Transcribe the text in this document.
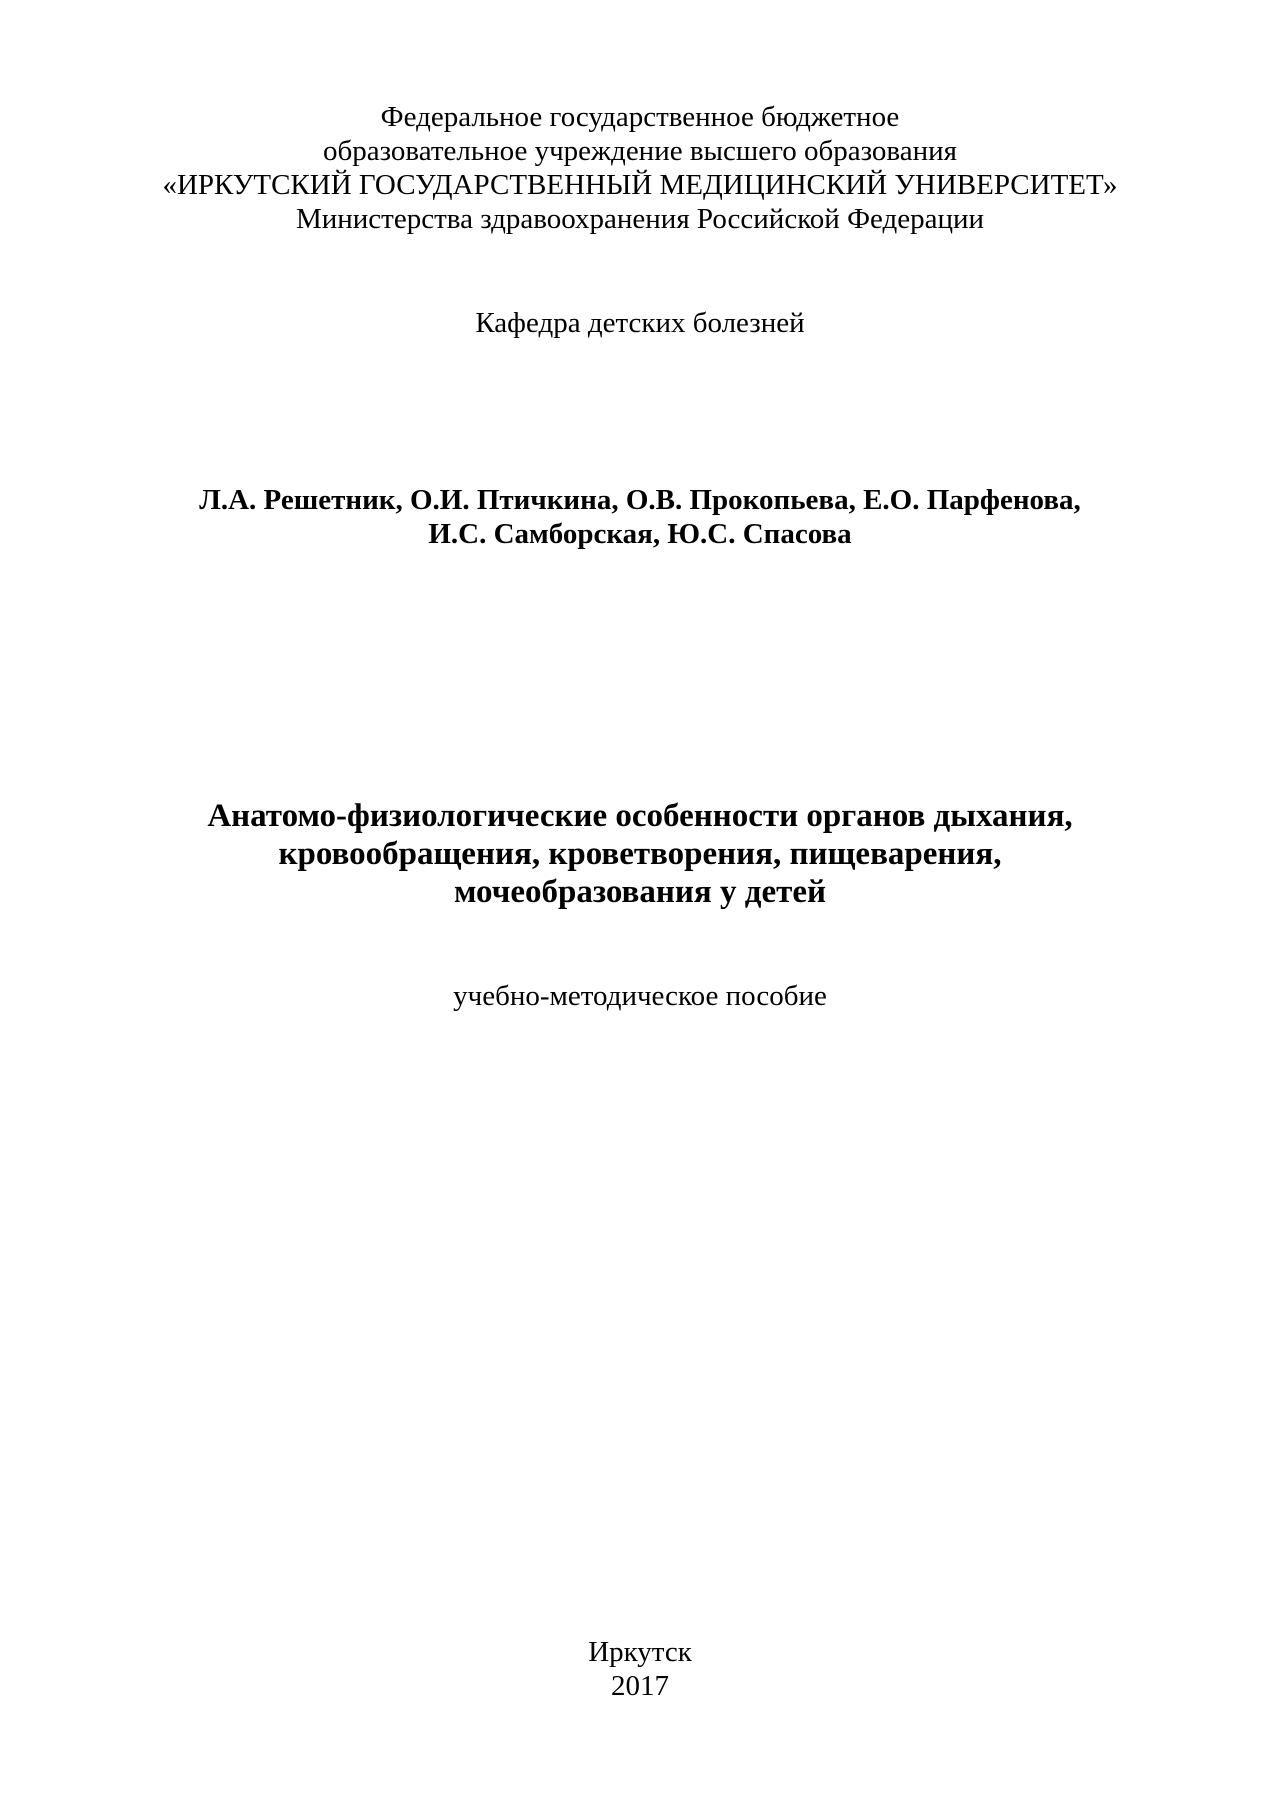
Федеральное государственное бюджетное

образовательное учреждение высшего образования

«ИРКУТСКИЙ ГОСУДАРСТВЕННЫЙ МЕДИЦИНСКИЙ УНИВЕРСИТЕТ»

Министерства здравоохранения Российской Федерации

Кафедра детских болезней

Л.А. Решетник, О.И. Птичкина, О.В. Прокопьева, Е.О. Парфенова,

И.С. Самборская, Ю.С. Спасова

Анатомо-физиологические особенности органов дыхания,

кровообращения, кроветворения, пищеварения,

мочеобразования у детей

учебно-методическое пособие

Иркутск

2017
